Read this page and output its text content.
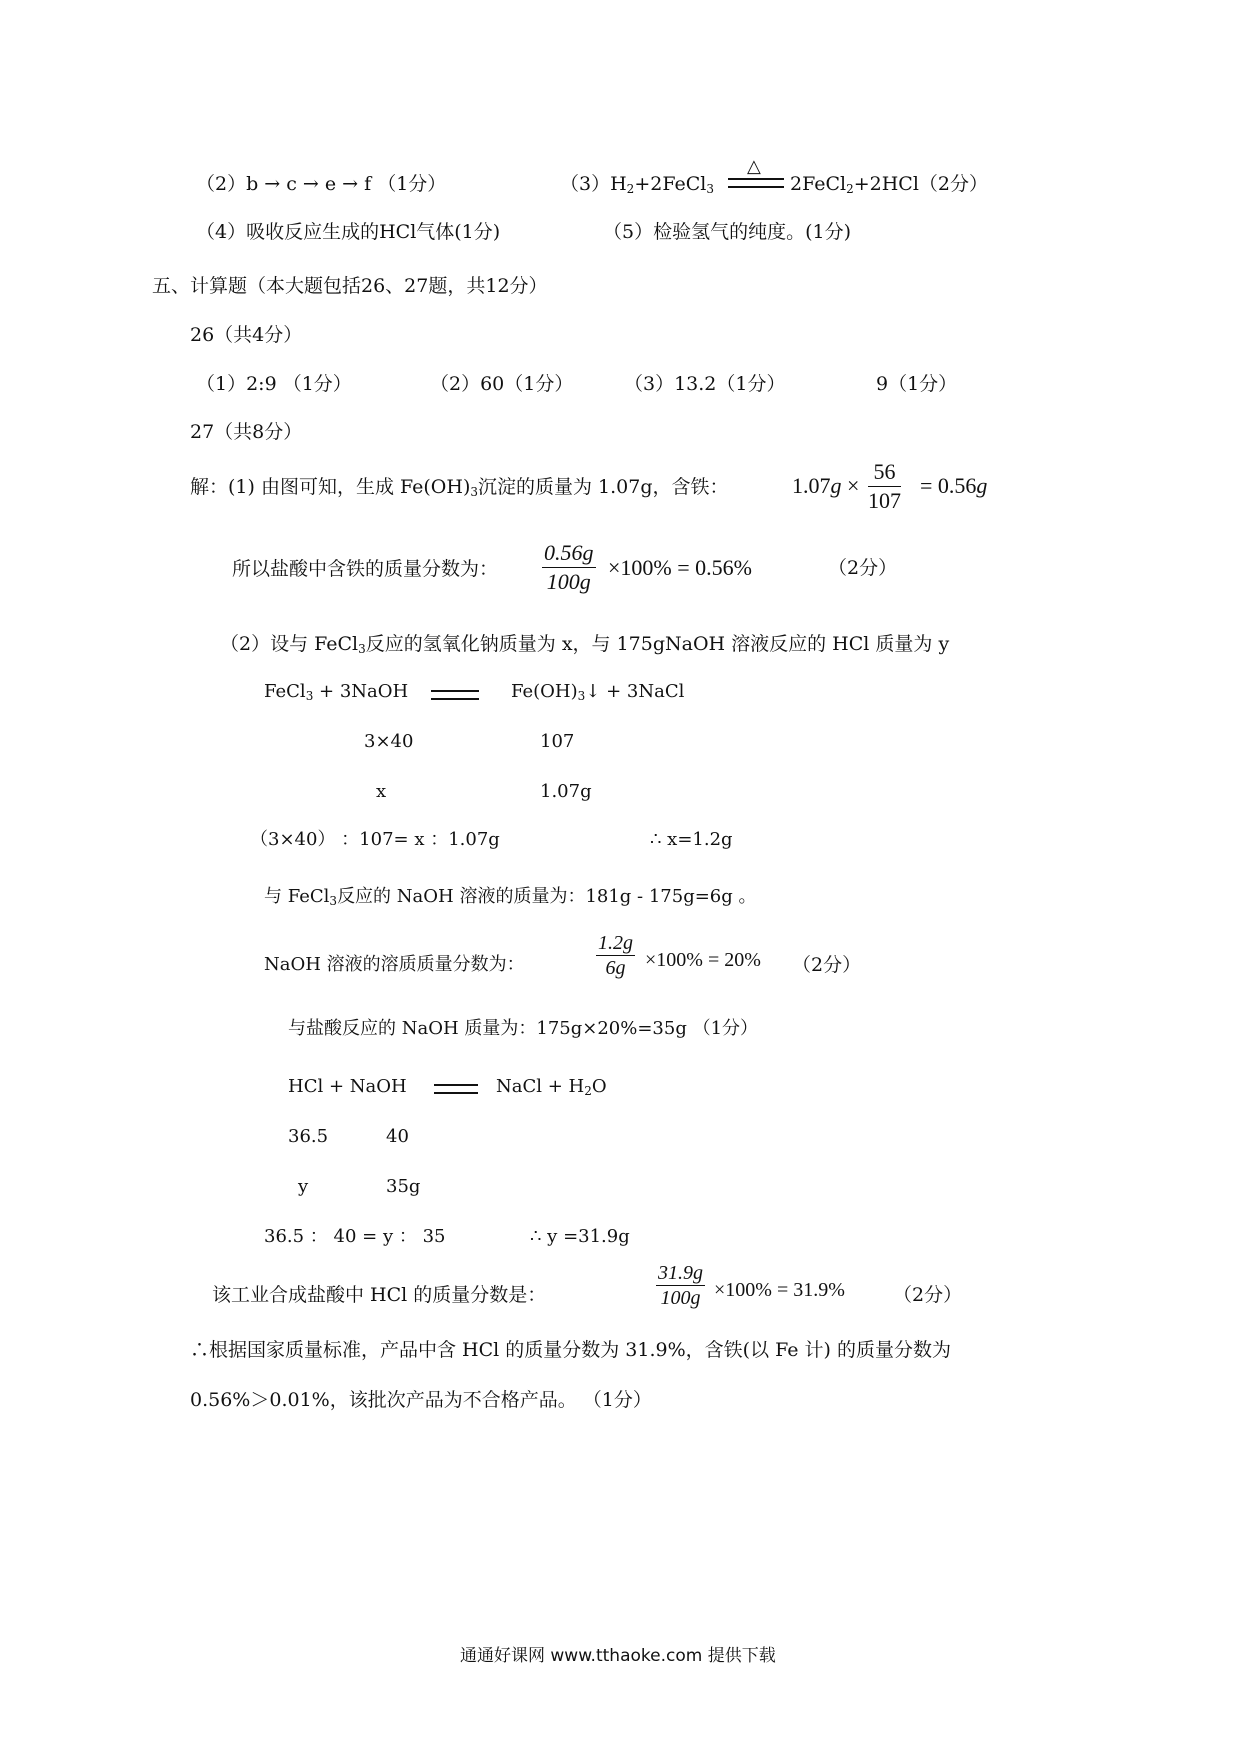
（2）b → c → e → f （1分）	$(3)H_2+2FeCl_3$
△
2FeCl$_2$+2HCl（2分）
（4）吸收反应生成的HCl气体(1分)	（5）检验氢气的纯度。(1分)
五、计算题（本大题包括26、27题，共12分）
26（共4分）
（1）2:9 （1分）	（2）60（1分）	（3）13.2（1分）	9（1分）
27（共8分）
解：(1) 由图可知，生成 $Fe(OH)_3$沉淀的质量为 1.07g，含铁：	$1.07g \times \frac{56}{107} = 0.56g$
所以盐酸中含铁的质量分数为： $\frac{0.56g}{100g} \times 100\% = 0.56\%$	（2分）
（2）设与 FeCl$_3$反应的氢氧化钠质量为 x，与 175gNaOH 溶液反应的 HCl 质量为 y
FeCl$_3$ + 3NaOH	$Fe(OH)_3↓$ + 3NaCl
3×40	107
x	1.07g
（3×40） ：107= x ：1.07g	∴ x=1.2g
与 FeCl$_3$反应的 NaOH 溶液的质量为：181g - 175g=6g 。
NaOH 溶液的溶质质量分数为：	$\frac{1.2g}{6g} \times 100\% = 20\%$ （2分）
与盐酸反应的 NaOH 质量为：175g×20%=35g （1分）
HCl + NaOH	NaCl + $H_2O$
36.5	40
y	35g
36.5 ： 40 = y ： 35	∴ y =31.9g
该工业合成盐酸中 HCl 的质量分数是：	$\frac{31.9g}{100g} \times 100\% = 31.9\%$	（2分）
∴根据国家质量标准，产品中含 HCl 的质量分数为 31.9%，含铁(以 Fe 计) 的质量分数为
0.56%＞0.01%，该批次产品为不合格产品。 （1分）
通通好课网 www.tthaoke.com 提供下载
